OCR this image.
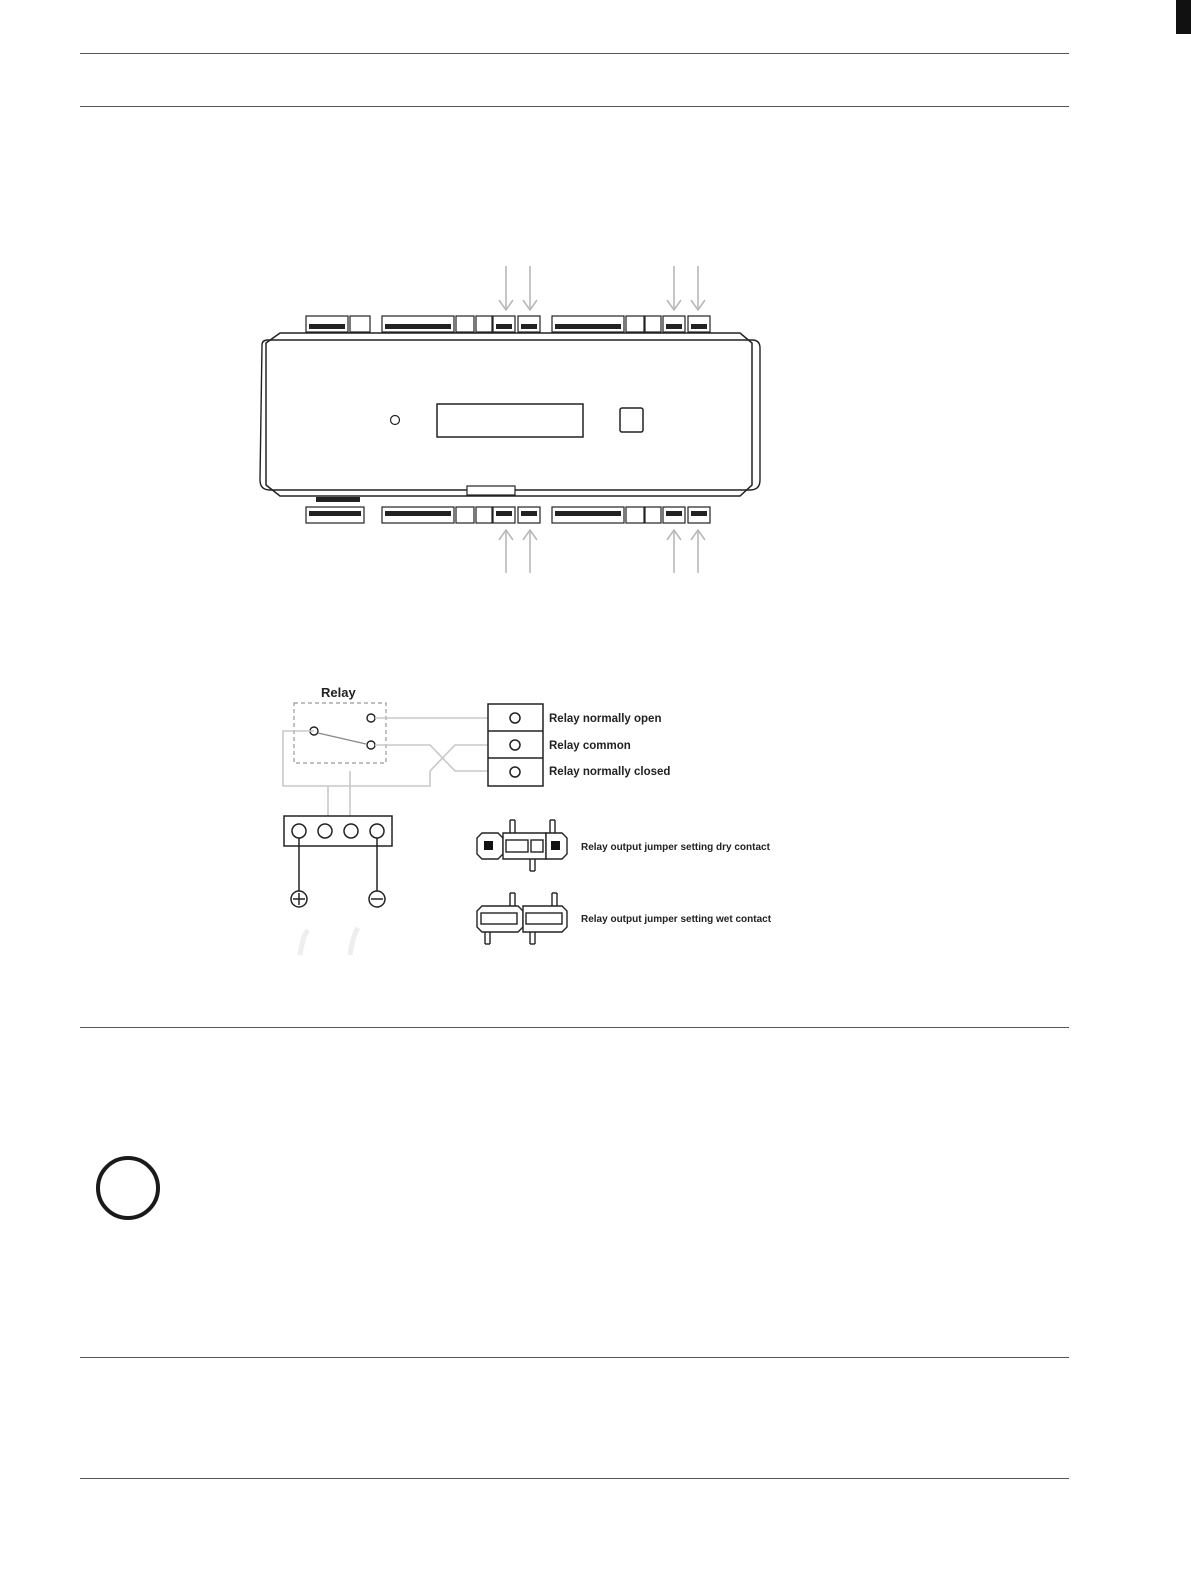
Relay
Relay normally open
Relay common
Relay normally closed
Relay output jumper setting dry contact
Relay output jumper setting wet contact
